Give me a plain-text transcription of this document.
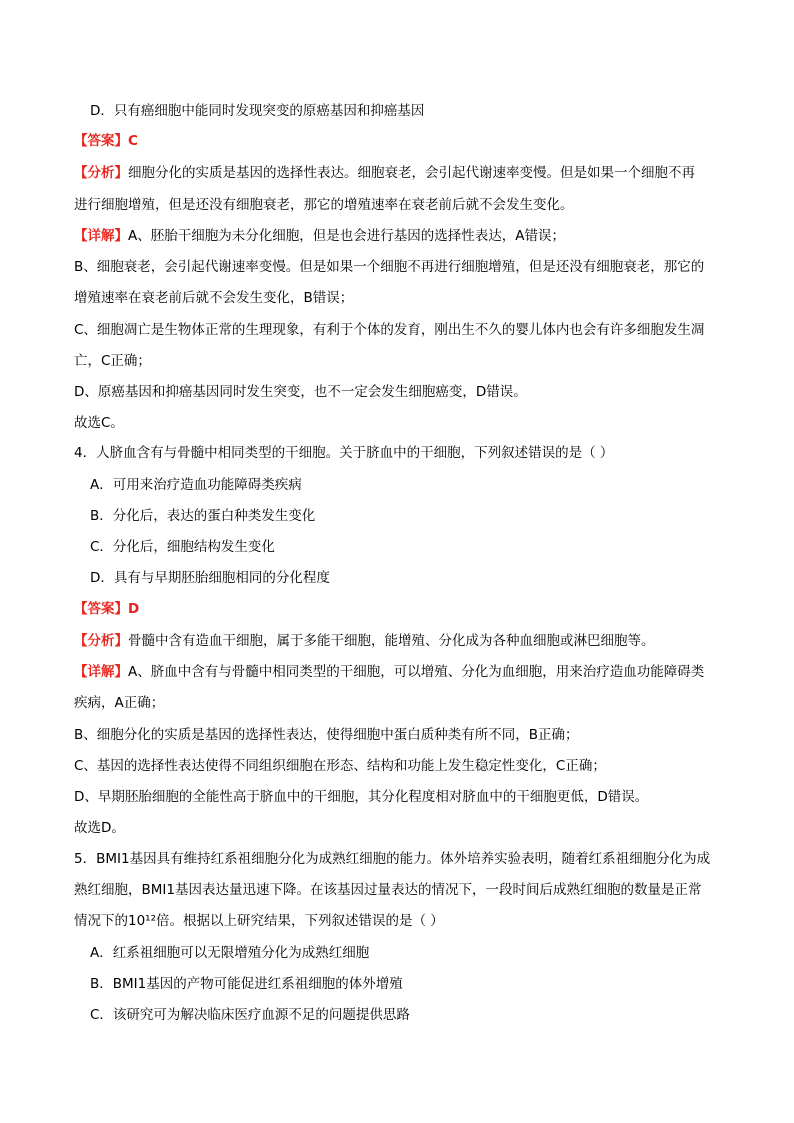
D．只有癌细胞中能同时发现突变的原癌基因和抑癌基因
【答案】C
【分析】细胞分化的实质是基因的选择性表达。细胞衰老，会引起代谢速率变慢。但是如果一个细胞不再
进行细胞增殖，但是还没有细胞衰老，那它的增殖速率在衰老前后就不会发生变化。
【详解】A、胚胎干细胞为未分化细胞，但是也会进行基因的选择性表达，A错误；
B、细胞衰老，会引起代谢速率变慢。但是如果一个细胞不再进行细胞增殖，但是还没有细胞衰老，那它的
增殖速率在衰老前后就不会发生变化，B错误；
C、细胞凋亡是生物体正常的生理现象，有利于个体的发育，刚出生不久的婴儿体内也会有许多细胞发生凋
亡，C正确；
D、原癌基因和抑癌基因同时发生突变，也不一定会发生细胞癌变，D错误。
故选C。
4．人脐血含有与骨髓中相同类型的干细胞。关于脐血中的干细胞，下列叙述错误的是（ ）
A．可用来治疗造血功能障碍类疾病
B．分化后，表达的蛋白种类发生变化
C．分化后，细胞结构发生变化
D．具有与早期胚胎细胞相同的分化程度
【答案】D
【分析】骨髓中含有造血干细胞，属于多能干细胞，能增殖、分化成为各种血细胞或淋巴细胞等。
【详解】A、脐血中含有与骨髓中相同类型的干细胞，可以增殖、分化为血细胞，用来治疗造血功能障碍类
疾病，A正确；
B、细胞分化的实质是基因的选择性表达，使得细胞中蛋白质种类有所不同，B正确；
C、基因的选择性表达使得不同组织细胞在形态、结构和功能上发生稳定性变化，C正确；
D、早期胚胎细胞的全能性高于脐血中的干细胞，其分化程度相对脐血中的干细胞更低，D错误。
故选D。
5．BMI1基因具有维持红系祖细胞分化为成熟红细胞的能力。体外培养实验表明，随着红系祖细胞分化为成
熟红细胞，BMI1基因表达量迅速下降。在该基因过量表达的情况下，一段时间后成熟红细胞的数量是正常
情况下的10¹²倍。根据以上研究结果，下列叙述错误的是（ ）
A．红系祖细胞可以无限增殖分化为成熟红细胞
B．BMI1基因的产物可能促进红系祖细胞的体外增殖
C．该研究可为解决临床医疗血源不足的问题提供思路
